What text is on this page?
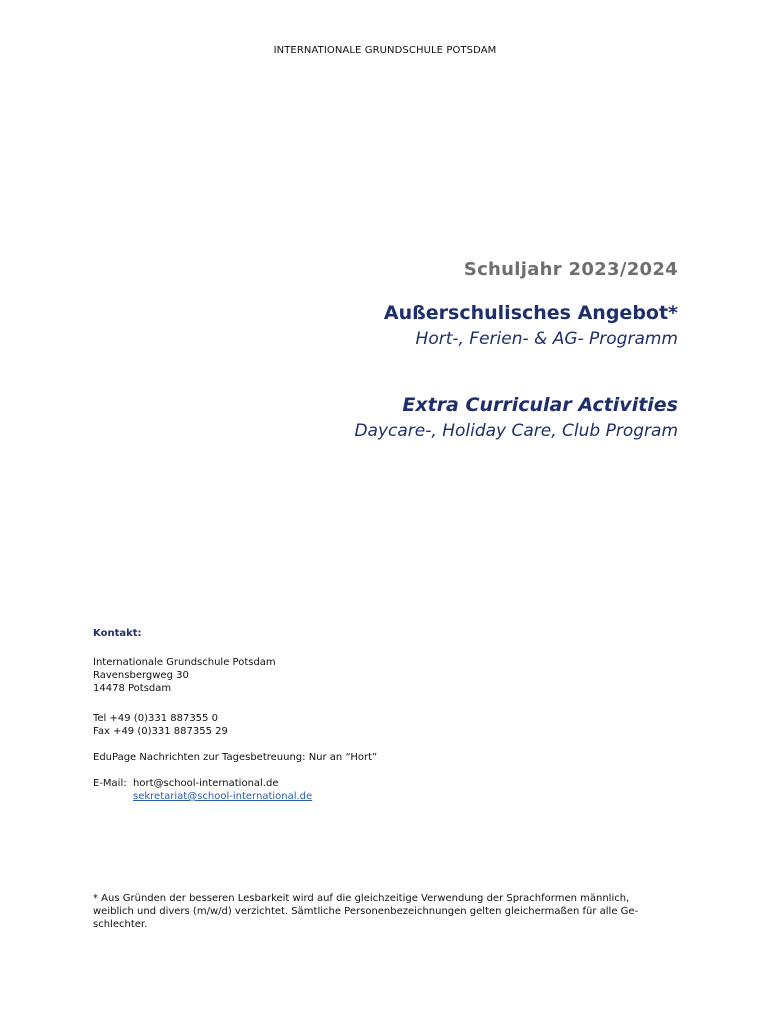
INTERNATIONALE GRUNDSCHULE POTSDAM
Schuljahr 2023/2024
Außerschulisches Angebot*
Hort-, Ferien- & AG- Programm
Extra Curricular Activities
Daycare-, Holiday Care, Club Program
Kontakt:
Internationale Grundschule Potsdam
Ravensbergweg 30
14478 Potsdam
Tel +49 (0)331 887355 0
Fax +49 (0)331 887355 29
EduPage Nachrichten zur Tagesbetreuung: Nur an “Hort”
E-Mail: hort@school-international.de
sekretariat@school-international.de
* Aus Gründen der besseren Lesbarkeit wird auf die gleichzeitige Verwendung der Sprachformen männlich, weiblich und divers (m/w/d) verzichtet. Sämtliche Personenbezeichnungen gelten gleichermaßen für alle Ge-schlechter.
